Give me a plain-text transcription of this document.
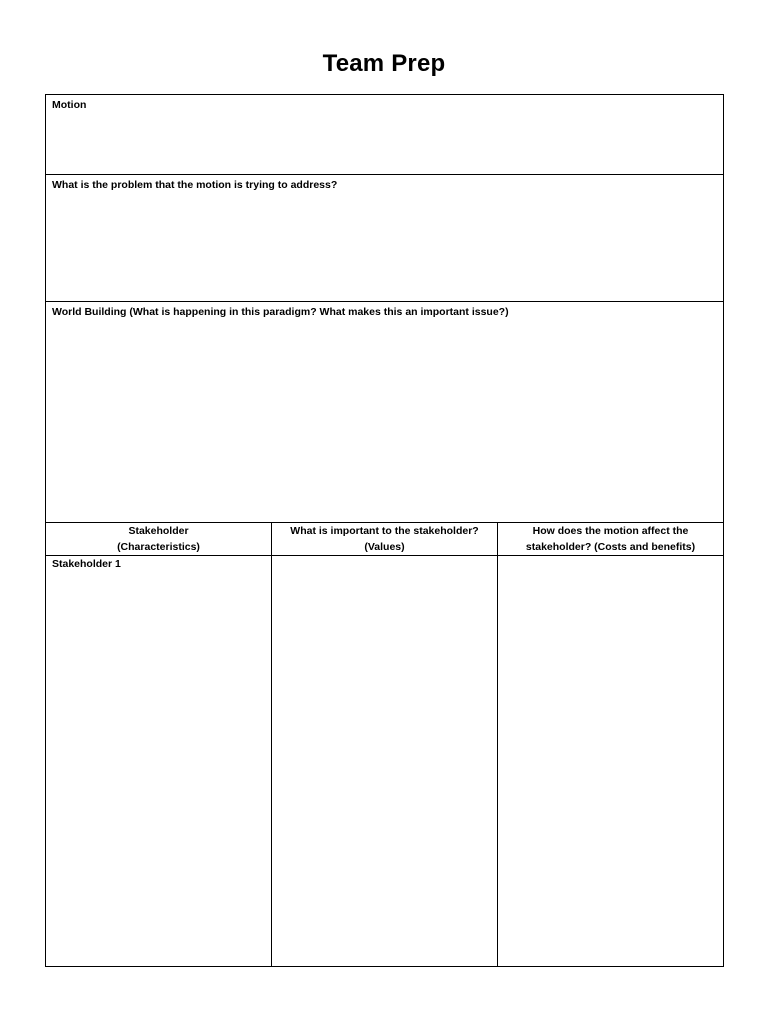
Team Prep
Motion
What is the problem that the motion is trying to address?
World Building (What is happening in this paradigm? What makes this an important issue?)
Stakeholder
(Characteristics)
What is important to the stakeholder?
(Values)
How does the motion affect the
stakeholder? (Costs and benefits)
Stakeholder 1
